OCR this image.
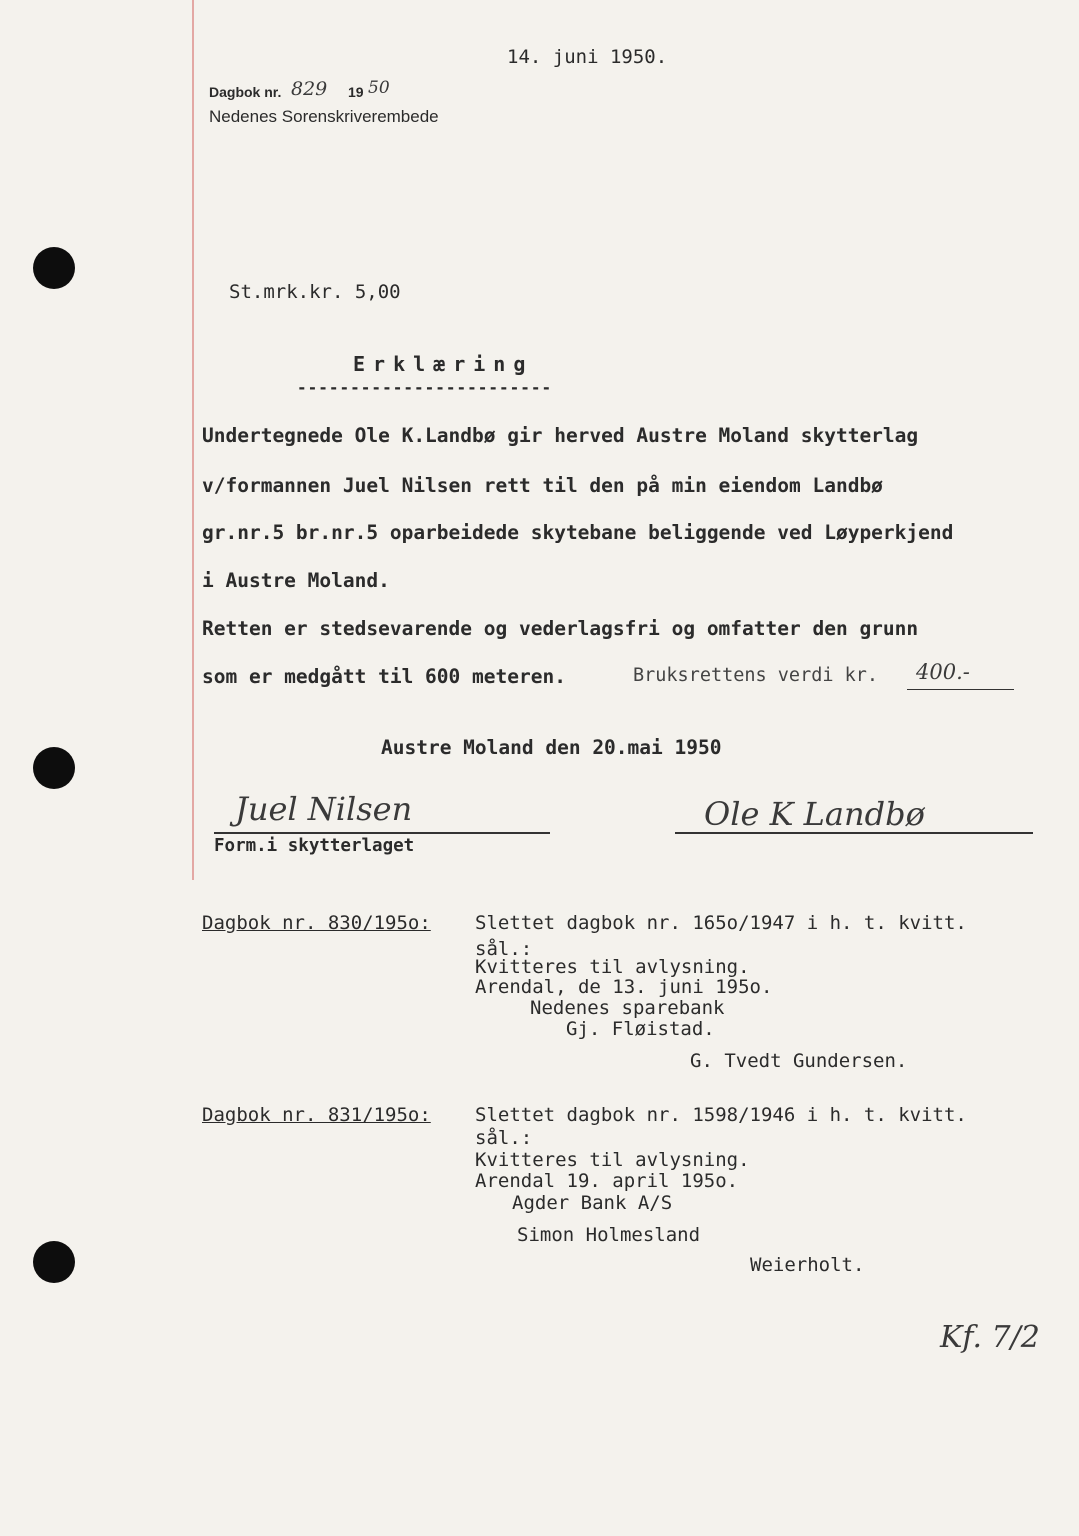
14. juni 1950.
Dagbok nr. 829 19 50
Nedenes Sorenskriverembede
St.mrk.kr. 5,00
Erklæring
------------------------
Undertegnede Ole K.Landbø gir herved Austre Moland skytterlag
v/formannen Juel Nilsen rett til den på min eiendom Landbø
gr.nr.5 br.nr.5 oparbeidede skytebane beliggende ved Løyperkjend
i Austre Moland.
Retten er stedsevarende og vederlagsfri og omfatter den grunn
som er medgått til 600 meteren.	Bruksrettens verdi kr. 400.-
Austre Moland den 20.mai 1950
Juel Nilsen
Form.i skytterlaget
Ole K Landbø
Dagbok nr. 830/195o: Slettet dagbok nr. 165o/1947 i h. t. kvitt.
sål.:
Kvitteres til avlysning.
Arendal, de 13. juni 195o.
Nedenes sparebank
Gj. Fløistad.
G. Tvedt Gundersen.
Dagbok nr. 831/195o: Slettet dagbok nr. 1598/1946 i h. t. kvitt.
sål.:
Kvitteres til avlysning.
Arendal 19. april 195o.
Agder Bank A/S
Simon Holmesland
Weierholt.
Kf. 7/2
